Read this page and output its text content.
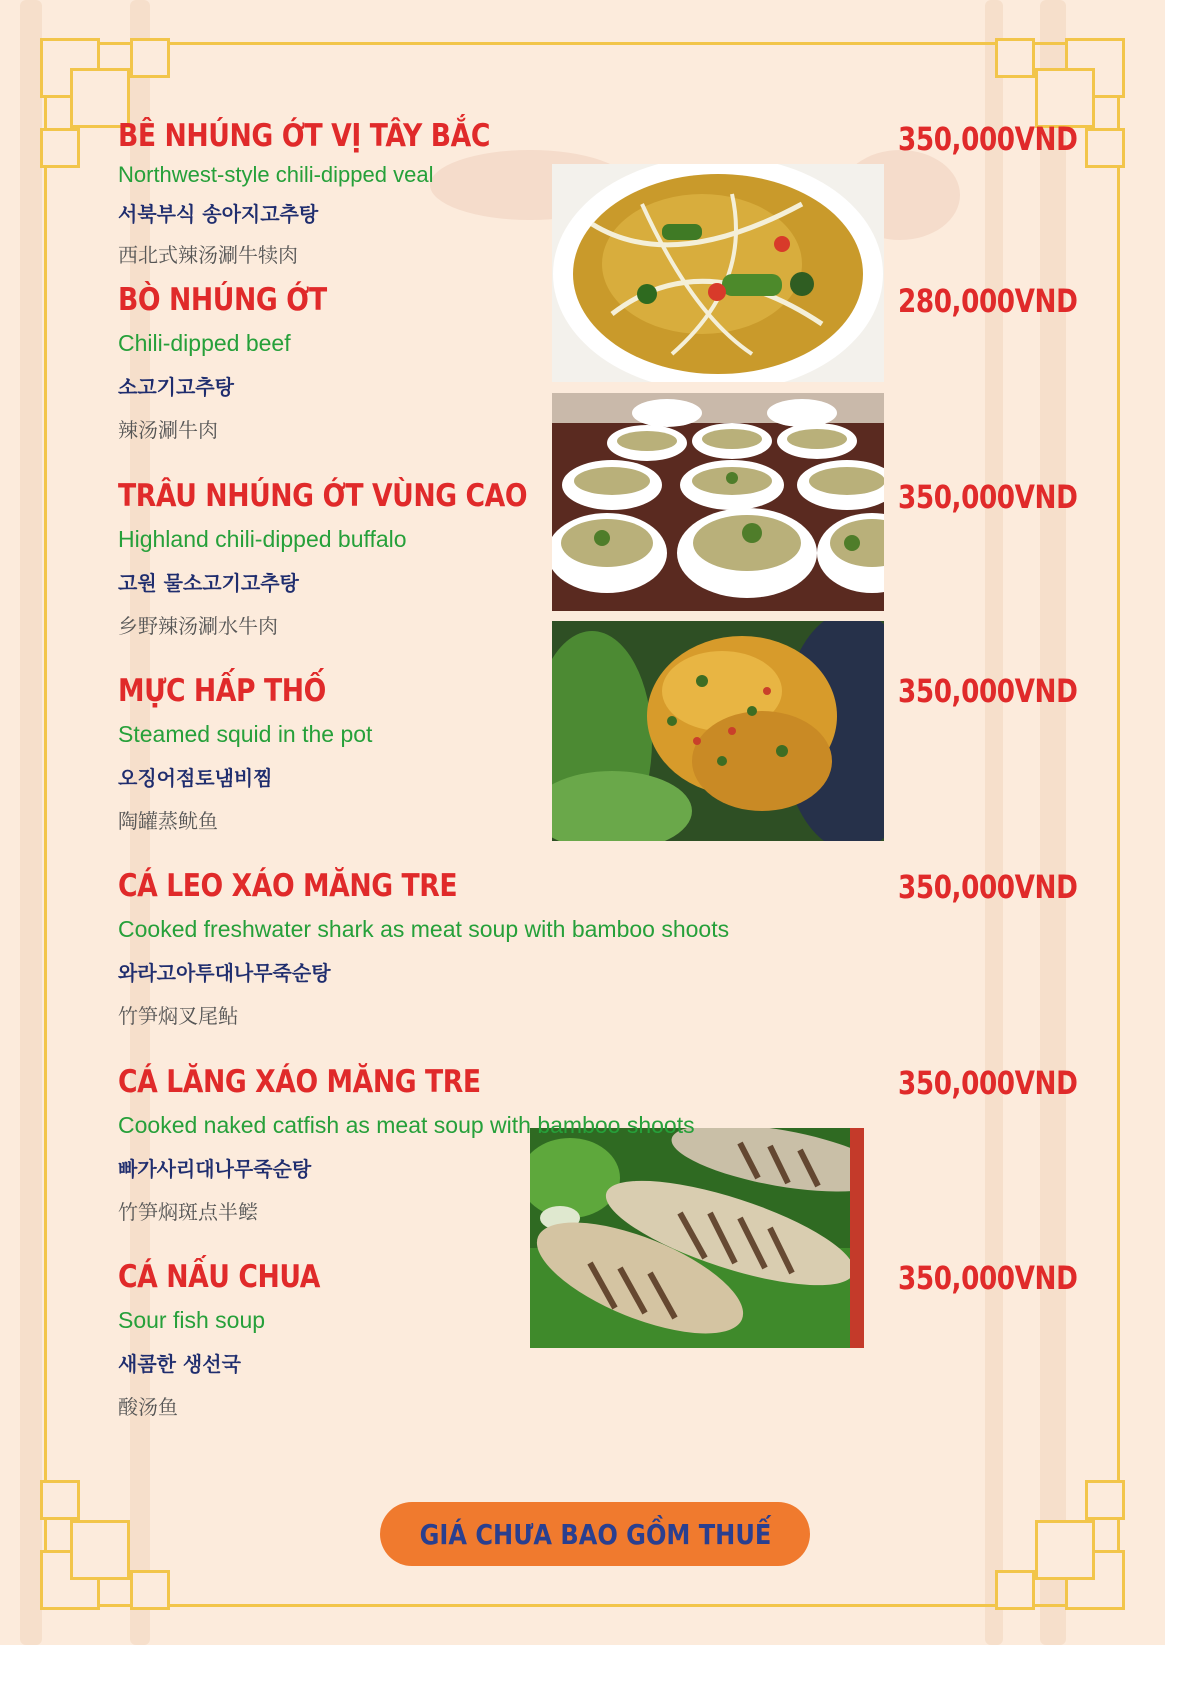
BÊ NHÚNG ỚT VỊ TÂY BẮC
Northwest-style chili-dipped veal
서북부식 송아지고추탕
西北式辣汤涮牛犊肉
350,000VND
BÒ NHÚNG ỚT
Chili-dipped beef
소고기고추탕
辣汤涮牛肉
280,000VND
TRÂU NHÚNG ỚT VÙNG CAO
Highland chili-dipped buffalo
고원 물소고기고추탕
乡野辣汤涮水牛肉
350,000VND
MỰC HẤP THỐ
Steamed squid in the pot
오징어점토냄비찜
陶罐蒸鱿鱼
350,000VND
CÁ LEO XÁO MĂNG TRE
Cooked freshwater shark as meat soup with bamboo shoots
와라고아투대나무죽순탕
竹笋焖叉尾鲇
350,000VND
CÁ LĂNG XÁO MĂNG TRE
Cooked naked catfish as meat soup with bamboo shoots
빠가사리대나무죽순탕
竹笋焖斑点半鲿
350,000VND
CÁ NẤU CHUA
Sour fish soup
새콤한 생선국
酸汤鱼
350,000VND
GIÁ CHƯA BAO GỒM THUẾ
